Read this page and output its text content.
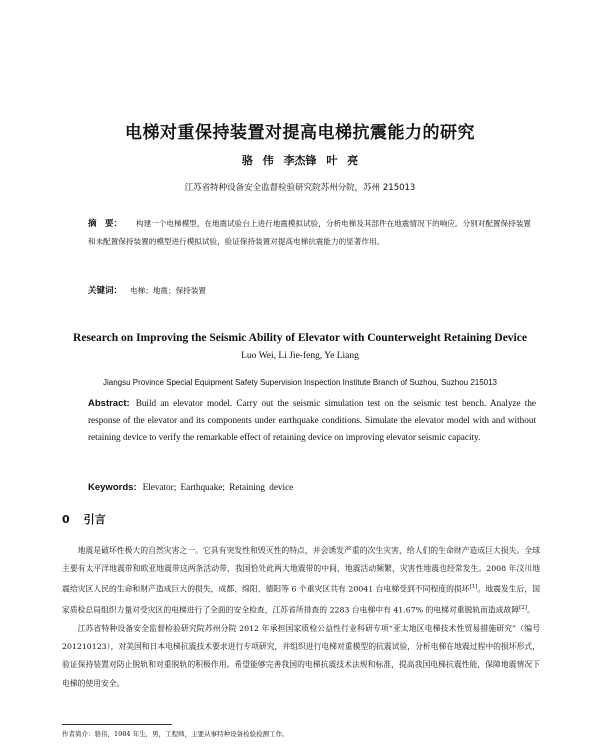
电梯对重保持装置对提高电梯抗震能力的研究
骆 伟 李杰锋 叶 亮
江苏省特种设备安全监督检验研究院苏州分院，苏州 215013
摘　要： 构建一个电梯模型，在地震试验台上进行地震模拟试验，分析电梯及其部件在地震情况下的响应。分别对配置保持装置和未配置保持装置的模型进行模拟试验，验证保持装置对提高电梯抗震能力的显著作用。
关键词： 电梯；地震；保持装置
Research on Improving the Seismic Ability of Elevator with Counterweight Retaining Device
Luo Wei, Li Jie-feng, Ye Liang
Jiangsu Province Special Equipment Safety Supervision Inspection Institute Branch of Suzhou, Suzhou 215013
Abstract: Build an elevator model. Carry out the seismic simulation test on the seismic test bench. Analyze the response of the elevator and its components under earthquake conditions. Simulate the elevator model with and without retaining device to verify the remarkable effect of retaining device on improving elevator seismic capacity.
Keywords: Elevator; Earthquake; Retaining device
0 引言

地震是破坏性极大的自然灾害之一。它具有突发性和毁灭性的特点，并会诱发严重的次生灾害，给人们的生命财产造成巨大损失。全球主要有太平洋地震带和欧亚地震带这两条活动带，我国恰处此两大地震带的中间，地震活动频繁，灾害性地震也经常发生。2008 年汶川地震给灾区人民的生命和财产造成巨大的损失，成都、绵阳、德阳等 6 个重灾区共有 20041 台电梯受到不同程度的损坏[1]。地震发生后，国家质检总局组织力量对受灾区的电梯进行了全面的安全检查，江苏省所排查的 2283 台电梯中有 41.67% 的电梯对重脱轨而造成故障[2]。

江苏省特种设备安全监督检验研究院苏州分院 2012 年承担国家质检公益性行业科研专项“亚太地区电梯技术性贸易措施研究”（编号 201210123），对美国和日本电梯抗震技术要求进行专项研究，并组织进行电梯对重模型的抗震试验，分析电梯在地震过程中的损坏形式，验证保持装置对防止脱轨和对重脱轨的积极作用。希望能够完善我国的电梯抗震技术法规和标准，提高我国电梯抗震性能，保障地震情况下电梯的使用安全。

作者简介：骆伟，1984 年生，男，工程师，主要从事特种设备检验检测工作。
